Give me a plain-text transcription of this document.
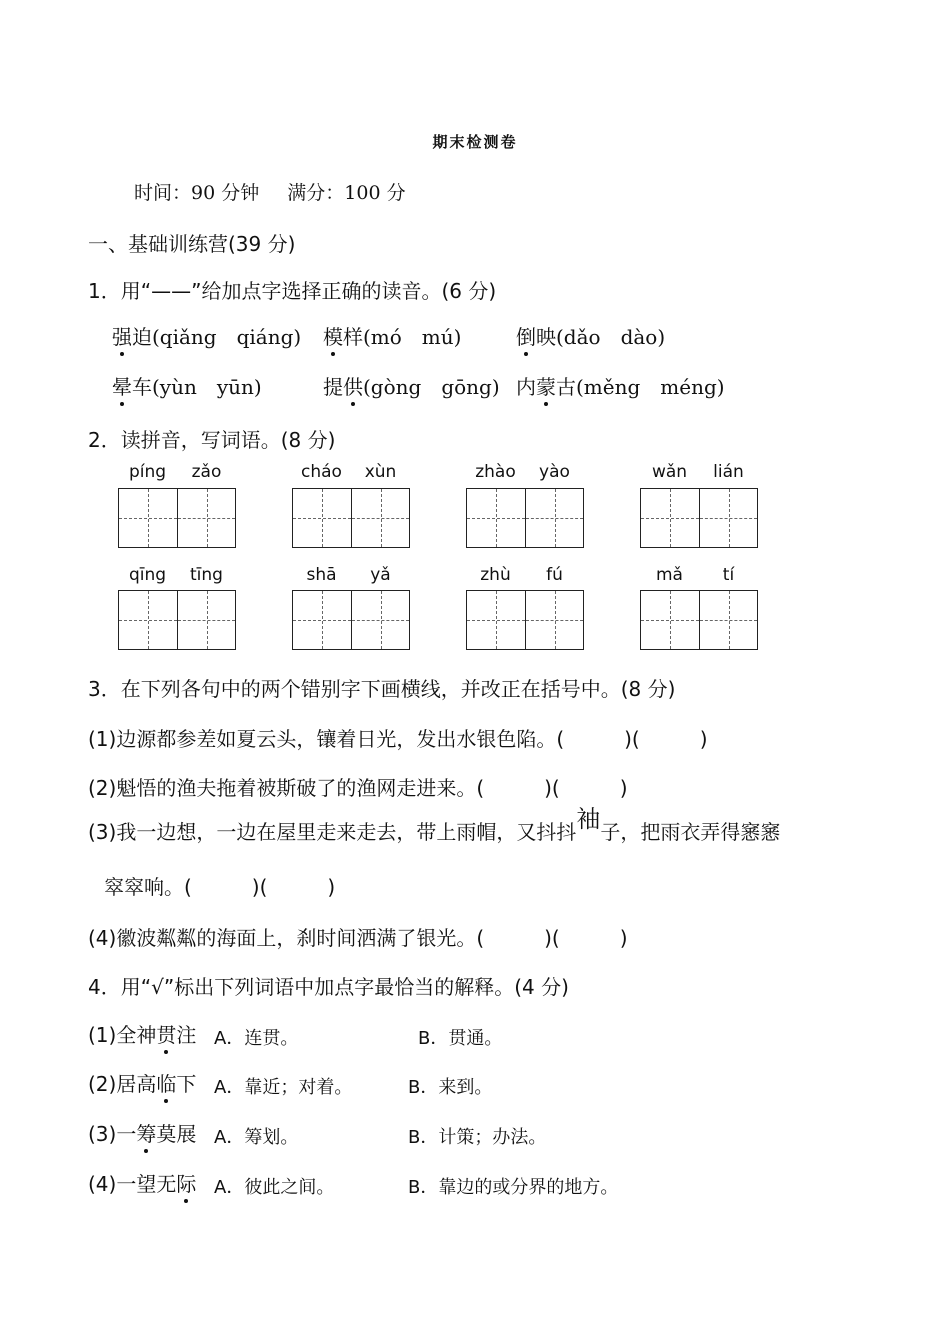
期末检测卷
时间：90 分钟 满分：100 分
一、基础训练营(39 分)
1．用“——”给加点字选择正确的读音。(6 分)
强迫(qiǎng　qiáng) 模样(mó　mú)	倒映(dǎo　dào)
晕车(yùn　yūn)	提供(gòng　gōng) 内蒙古(měng　méng)
2．读拼音，写词语。(8 分)
píng zǎo	cháo xùn	zhào yào	wǎn lián
qīng tīng	shā yǎ	zhù fú	mǎ tí
3．在下列各句中的两个错别字下画横线，并改正在括号中。(8 分)
(1)边源都参差如夏云头，镶着日光，发出水银色陷。(　　　)(　　　)
(2)魁悟的渔夫拖着被斯破了的渔网走进来。(　　　)(　　　)
(3)我一边想，一边在屋里走来走去，带上雨帽，又抖抖袖子，把雨衣弄得窸窸
窣窣响。(　　　)(　　　)
(4)徽波粼粼的海面上，刹时间洒满了银光。(　　　)(　　　)
4．用“√”标出下列词语中加点字最恰当的解释。(4 分)
(1)全神贯注 A．连贯。	B．贯通。
(2)居高临下 A．靠近；对着。	B．来到。
(3)一筹莫展 A．筹划。	B．计策；办法。
(4)一望无际 A．彼此之间。	B．靠边的或分界的地方。
